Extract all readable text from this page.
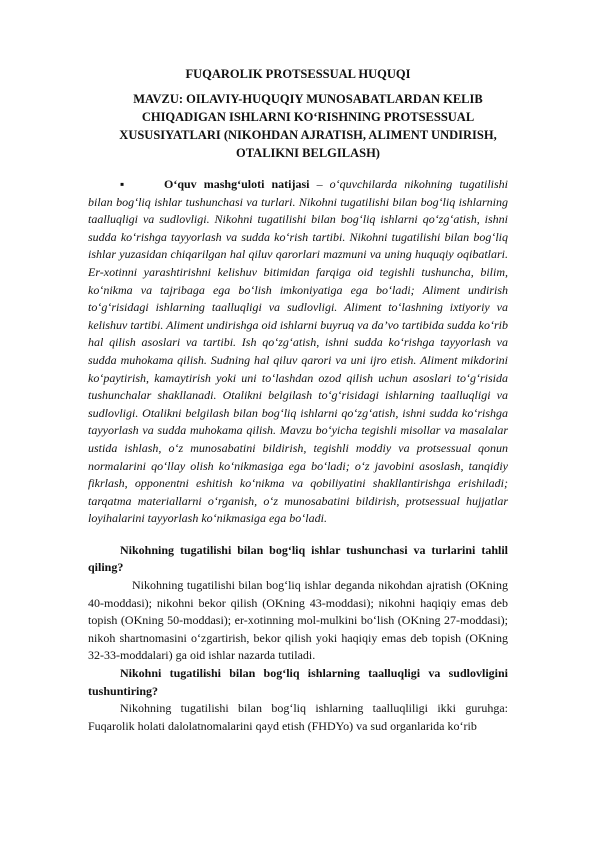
FUQAROLIK PROTSESSUAL HUQUQI
MAVZU: OILAVIY-HUQUQIY MUNOSABATLARDAN KELIB CHIQADIGAN ISHLARNI KO‘RISHNING PROTSESSUAL XUSUSIYATLARI (NIKOHDAN AJRATISH, ALIMENT UNDIRISH, OTALIKNI BELGILASH)

▪	O‘quv mashg‘uloti natijasi – o‘quvchilarda nikohning tugatilishi bilan bog‘liq ishlar tushunchasi va turlari. Nikohni tugatilishi bilan bog‘liq ishlarning taalluqligi va sudlovligi. Nikohni tugatilishi bilan bog‘liq ishlarni qo‘zg‘atish, ishni sudda ko‘rishga tayyorlash va sudda ko‘rish tartibi. Nikohni tugatilishi bilan bog‘liq ishlar yuzasidan chiqarilgan hal qiluv qarorlari mazmuni va uning huquqiy oqibatlari. Er-xotinni yarashtirishni kelishuv bitimidan farqiga oid tegishli tushuncha, bilim, ko‘nikma va tajribaga ega bo‘lish imkoniyatiga ega bo‘ladi; Aliment undirish to‘g‘risidagi ishlarning taalluqligi va sudlovligi. Aliment to‘lashning ixtiyoriy va kelishuv tartibi. Aliment undirishga oid ishlarni buyruq va da’vo tartibida sudda ko‘rib hal qilish asoslari va tartibi. Ish qo‘zg‘atish, ishni sudda ko‘rishga tayyorlash va sudda muhokama qilish. Sudning hal qiluv qarori va uni ijro etish. Aliment mikdorini ko‘paytirish, kamaytirish yoki uni to‘lashdan ozod qilish uchun asoslari to‘g‘risida tushunchalar shakllanadi. Otalikni belgilash to‘g‘risidagi ishlarning taalluqligi va sudlovligi. Otalikni belgilash bilan bog‘liq ishlarni qo‘zg‘atish, ishni sudda ko‘rishga tayyorlash va sudda muhokama qilish. Mavzu bo‘yicha tegishli misollar va masalalar ustida ishlash, o‘z munosabatini bildirish, tegishli moddiy va protsessual qonun normalarini qo‘llay olish ko‘nikmasiga ega bo‘ladi; o‘z javobini asoslash, tanqidiy fikrlash, opponentni eshitish ko‘nikma va qobiliyatini shakllantirishga erishiladi; tarqatma materiallarni o‘rganish, o‘z munosabatini bildirish, protsessual hujjatlar loyihalarini tayyorlash ko‘nikmasiga ega bo‘ladi.

Nikohning tugatilishi bilan bog‘liq ishlar tushunchasi va turlarini tahlil qiling?

Nikohning tugatilishi bilan bog‘liq ishlar deganda nikohdan ajratish (OKning 40-moddasi); nikohni bekor qilish (OKning 43-moddasi); nikohni haqiqiy emas deb topish (OKning 50-moddasi); er-xotinning mol-mulkini bo‘lish (OKning 27-moddasi); nikoh shartnomasini o‘zgartirish, bekor qilish yoki haqiqiy emas deb topish (OKning 32-33-moddalari) ga oid ishlar nazarda tutiladi.

Nikohni tugatilishi bilan bog‘liq ishlarning taalluqligi va sudlovligini tushuntiring?

Nikohning tugatilishi bilan bog‘liq ishlarning taalluqliligi ikki guruhga: Fuqarolik holati dalolatnomalarini qayd etish (FHDYo) va sud organlarida ko‘rib
